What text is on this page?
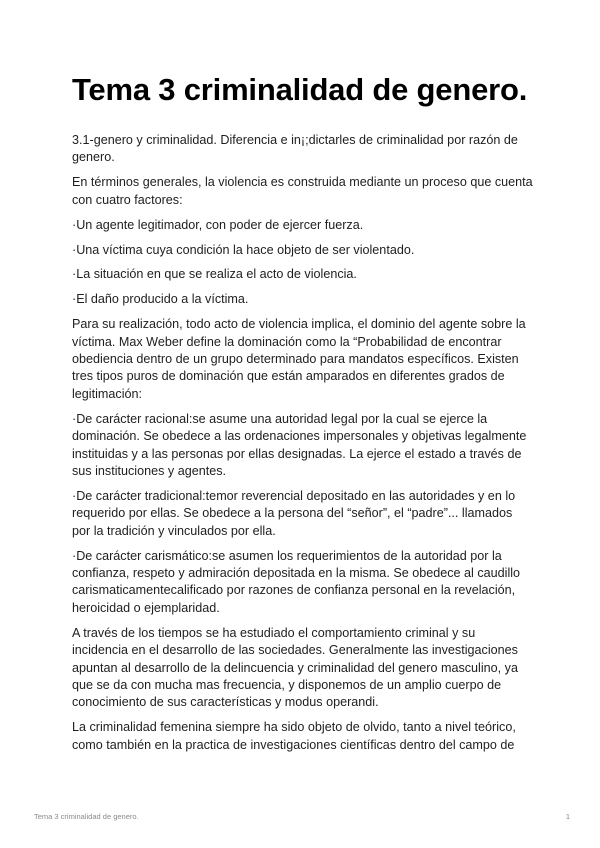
Tema 3 criminalidad de genero.

3.1-genero y criminalidad. Diferencia e in¡;dictarles de criminalidad por razón de genero.

En términos generales, la violencia es construida mediante un proceso que cuenta con cuatro factores:

·Un agente legitimador, con poder de ejercer fuerza.

·Una víctima cuya condición la hace objeto de ser violentado.

·La situación en que se realiza el acto de violencia.

·El daño producido a la víctima.

Para su realización, todo acto de violencia implica, el dominio del agente sobre la víctima. Max Weber define la dominación como la “Probabilidad de encontrar obediencia dentro de un grupo determinado para mandatos específicos. Existen tres tipos puros de dominación que están amparados en diferentes grados de legitimación:

·De carácter racional:se asume una autoridad legal por la cual se ejerce la dominación. Se obedece a las ordenaciones impersonales y objetivas legalmente instituidas y a las personas por ellas designadas. La ejerce el estado a través de sus instituciones y agentes.

·De carácter tradicional:temor reverencial depositado en las autoridades y en lo requerido por ellas. Se obedece a la persona del “señor”, el “padre”... llamados por la tradición y vinculados por ella.

·De carácter carismático:se asumen los requerimientos de la autoridad por la confianza, respeto y admiración depositada en la misma. Se obedece al caudillo carismaticamentecalificado por razones de confianza personal en la revelación, heroicidad o ejemplaridad.

A través de los tiempos se ha estudiado el comportamiento criminal y su incidencia en el desarrollo de las sociedades. Generalmente las investigaciones apuntan al desarrollo de la delincuencia y criminalidad del genero masculino, ya que se da con mucha mas frecuencia, y disponemos de un amplio cuerpo de conocimiento de sus características y modus operandi.

La criminalidad femenina siempre ha sido objeto de olvido, tanto a nivel teórico, como también en la practica de investigaciones científicas dentro del campo de

Tema 3 criminalidad de genero.	1
